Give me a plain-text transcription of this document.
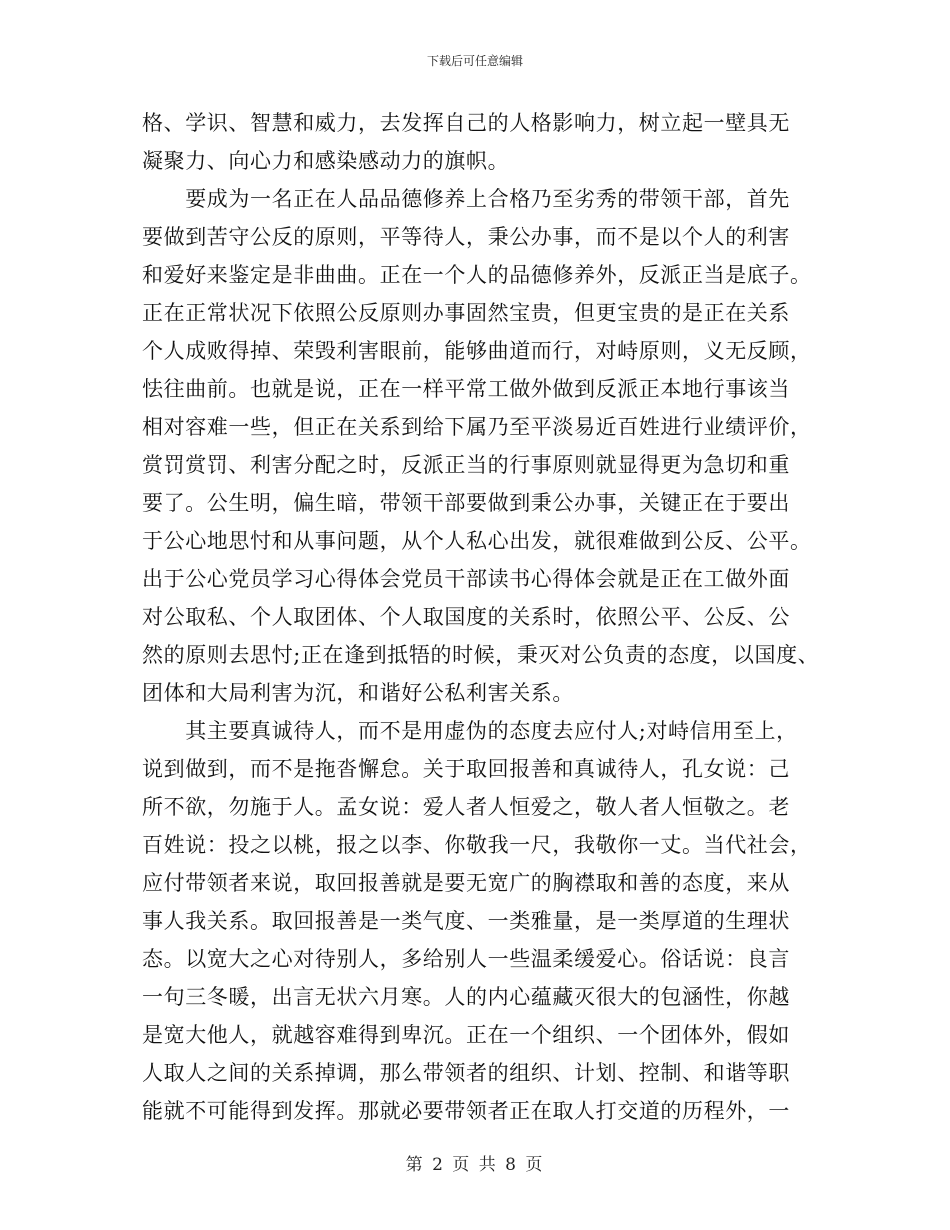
下载后可任意编辑
格、学识、智慧和威力，去发挥自己的人格影响力，树立起一壁具无
凝聚力、向心力和感染感动力的旗帜。
　　要成为一名正在人品品德修养上合格乃至劣秀的带领干部，首先
要做到苦守公反的原则，平等待人，秉公办事，而不是以个人的利害
和爱好来鉴定是非曲曲。正在一个人的品德修养外，反派正当是底子。
正在正常状况下依照公反原则办事固然宝贵，但更宝贵的是正在关系
个人成败得掉、荣毁利害眼前，能够曲道而行，对峙原则，义无反顾，
怯往曲前。也就是说，正在一样平常工做外做到反派正本地行事该当
相对容难一些，但正在关系到给下属乃至平淡易近百姓进行业绩评价，
赏罚赏罚、利害分配之时，反派正当的行事原则就显得更为急切和重
要了。公生明，偏生暗，带领干部要做到秉公办事，关键正在于要出
于公心地思忖和从事问题，从个人私心出发，就很难做到公反、公平。
出于公心党员学习心得体会党员干部读书心得体会就是正在工做外面
对公取私、个人取团体、个人取国度的关系时，依照公平、公反、公
然的原则去思忖;正在逢到抵牾的时候，秉灭对公负责的态度，以国度、
团体和大局利害为沉，和谐好公私利害关系。
　　其主要真诚待人，而不是用虚伪的态度去应付人;对峙信用至上，
说到做到，而不是拖沓懈怠。关于取回报善和真诚待人，孔女说：己
所不欲，勿施于人。孟女说：爱人者人恒爱之，敬人者人恒敬之。老
百姓说：投之以桃，报之以李、你敬我一尺，我敬你一丈。当代社会，
应付带领者来说，取回报善就是要无宽广的胸襟取和善的态度，来从
事人我关系。取回报善是一类气度、一类雅量，是一类厚道的生理状
态。以宽大之心对待别人，多给别人一些温柔缓爱心。俗话说：良言
一句三冬暖，出言无状六月寒。人的内心蕴藏灭很大的包涵性，你越
是宽大他人，就越容难得到卑沉。正在一个组织、一个团体外，假如
人取人之间的关系掉调，那么带领者的组织、计划、控制、和谐等职
能就不可能得到发挥。那就必要带领者正在取人打交道的历程外，一
第 2 页 共 8 页
